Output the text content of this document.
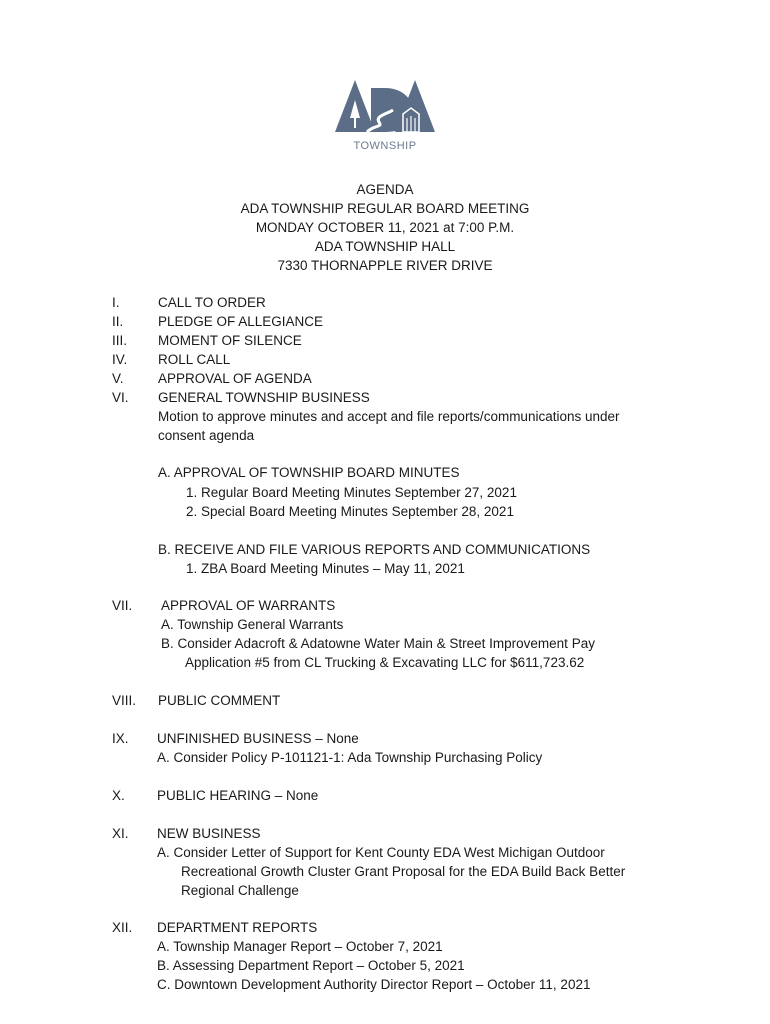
TOWNSHIP
AGENDA
ADA TOWNSHIP REGULAR BOARD MEETING
MONDAY OCTOBER 11, 2021 at 7:00 P.M.
ADA TOWNSHIP HALL
7330 THORNAPPLE RIVER DRIVE
I.	CALL TO ORDER
II.	PLEDGE OF ALLEGIANCE
III. MOMENT OF SILENCE
IV. ROLL CALL
V.	APPROVAL OF AGENDA
VI. GENERAL TOWNSHIP BUSINESS
Motion to approve minutes and accept and file reports/communications under
consent agenda
A. APPROVAL OF TOWNSHIP BOARD MINUTES
1. Regular Board Meeting Minutes September 27, 2021
2. Special Board Meeting Minutes September 28, 2021
B. RECEIVE AND FILE VARIOUS REPORTS AND COMMUNICATIONS
1. ZBA Board Meeting Minutes – May 11, 2021
VII. APPROVAL OF WARRANTS
A. Township General Warrants
B. Consider Adacroft & Adatowne Water Main & Street Improvement Pay
Application #5 from CL Trucking & Excavating LLC for $611,723.62
VIII. PUBLIC COMMENT
IX. UNFINISHED BUSINESS – None
A. Consider Policy P-101121-1: Ada Township Purchasing Policy
X. PUBLIC HEARING – None
XI. NEW BUSINESS
A. Consider Letter of Support for Kent County EDA West Michigan Outdoor
Recreational Growth Cluster Grant Proposal for the EDA Build Back Better
Regional Challenge
XII. DEPARTMENT REPORTS
A. Township Manager Report – October 7, 2021
B. Assessing Department Report – October 5, 2021
C. Downtown Development Authority Director Report – October 11, 2021
